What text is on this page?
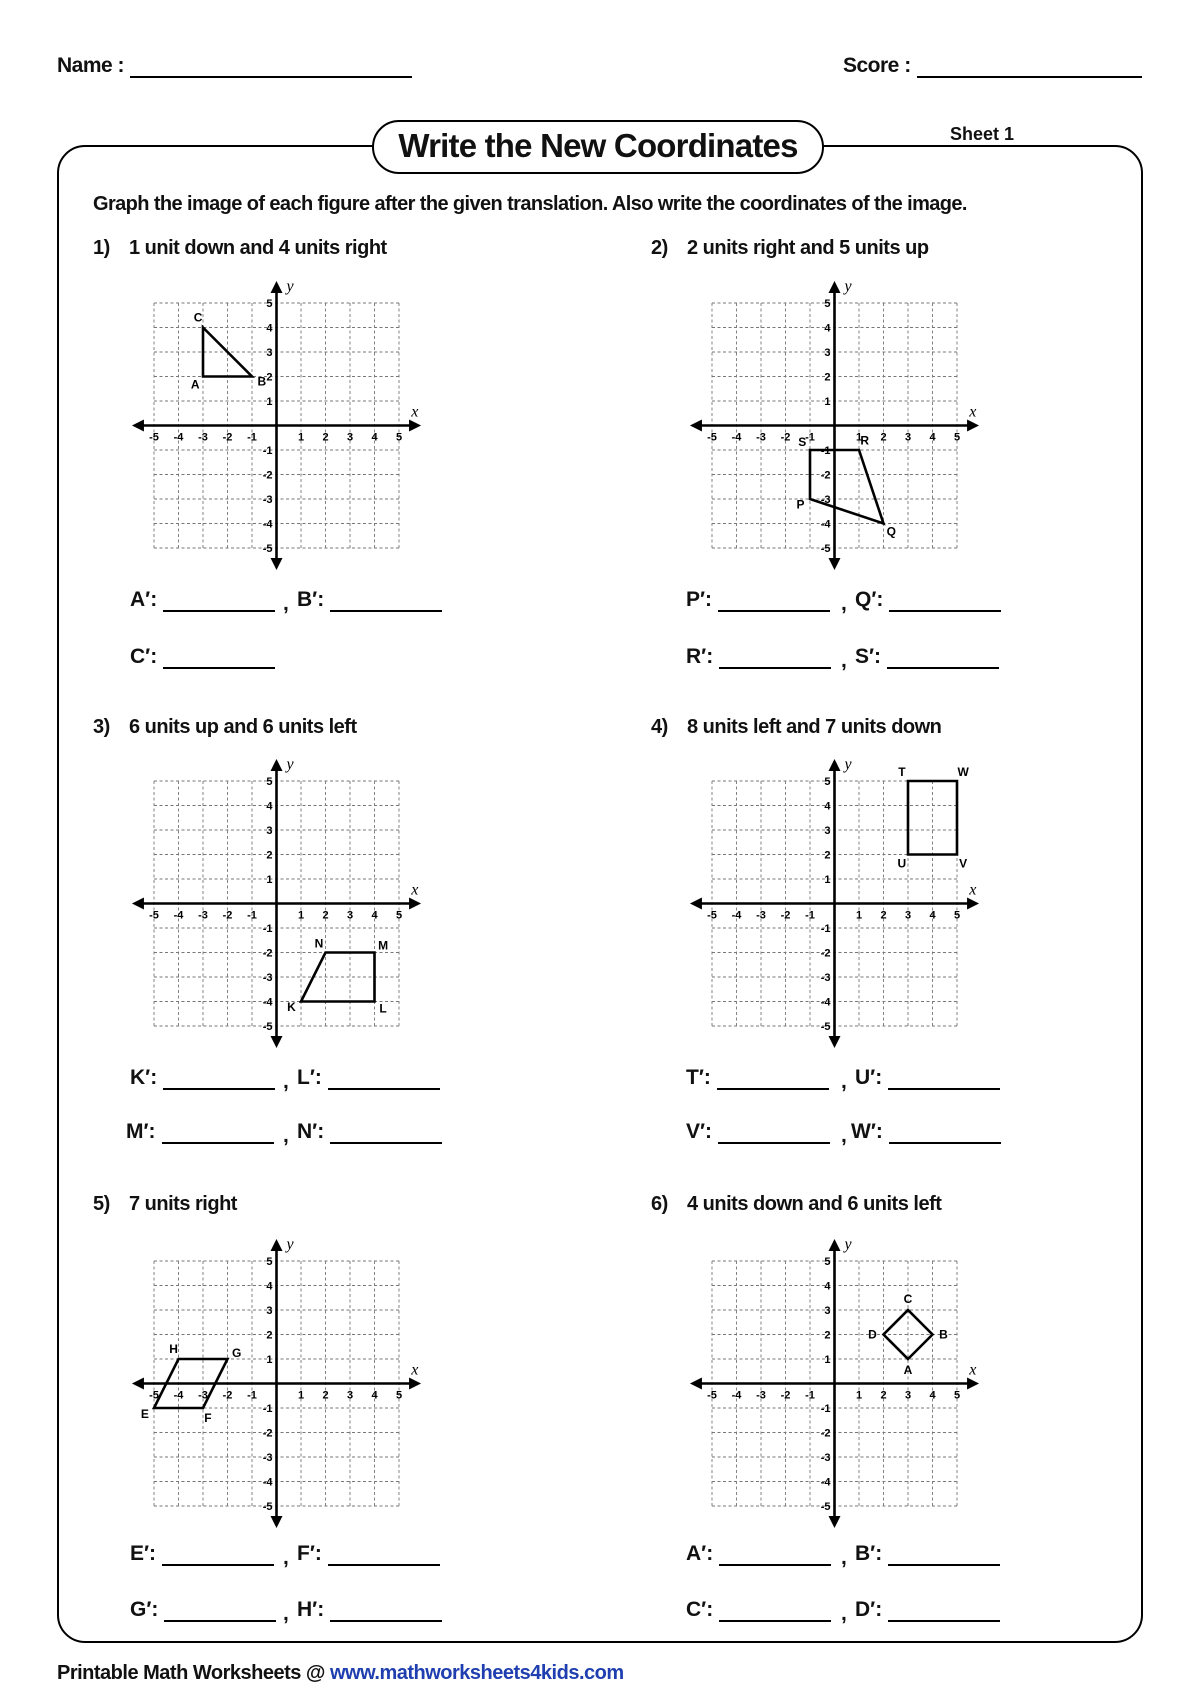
Name :	Score :
Write the New Coordinates	Sheet 1
Graph the image of each figure after the given translation. Also write the coordinates of the image.
1) 1 unit down and 4 units right	2) 2 units right and 5 units up
3) 6 units up and 6 units left	4) 8 units left and 7 units down
5) 7 units right	6) 4 units down and 6 units left
x
y
-5 -4 -3 -2 -1	1 2 3 4 5
5
4
3
2
1
-1
-2
-3
-4
-5
A	B
C
x
y
-5 -4 -3 -2 -1	1 2 3 4 5
5
4
3
2
1
-1
-2
-3
-4
-5
P
Q
R
S
x
y
-5 -4 -3 -2 -1	1 2 3 4 5
5
4
3
2
1
-1
-2
-3
-4
-5
K	L
M
N
x
y
-5 -4 -3 -2 -1	1 2 3 4 5
5
4
3
2
1
-1
-2
-3
-4
-5
T	W
V
U
x
y
-5 -4 -3 -2 -1	1 2 3 4 5
5
4
3
2
1
-1
-2
-3
-4
-5
E	F
G
H
x
y
-5 -4 -3 -2 -1	1 2 3 4 5
5
4
3
2
1
-1
-2
-3
-4
-5
A
B
C
D
A′:	, B′:
C′:
P′:	, Q′:
R′:	, S′:
K′:	, L′:
M′:	, N′:
T′:	, U′:
V′:	, W′:
E′:	, F′:
G′:	, H′:
A′:	, B′:
C′:	, D′:
Printable Math Worksheets @ www.mathworksheets4kids.com
